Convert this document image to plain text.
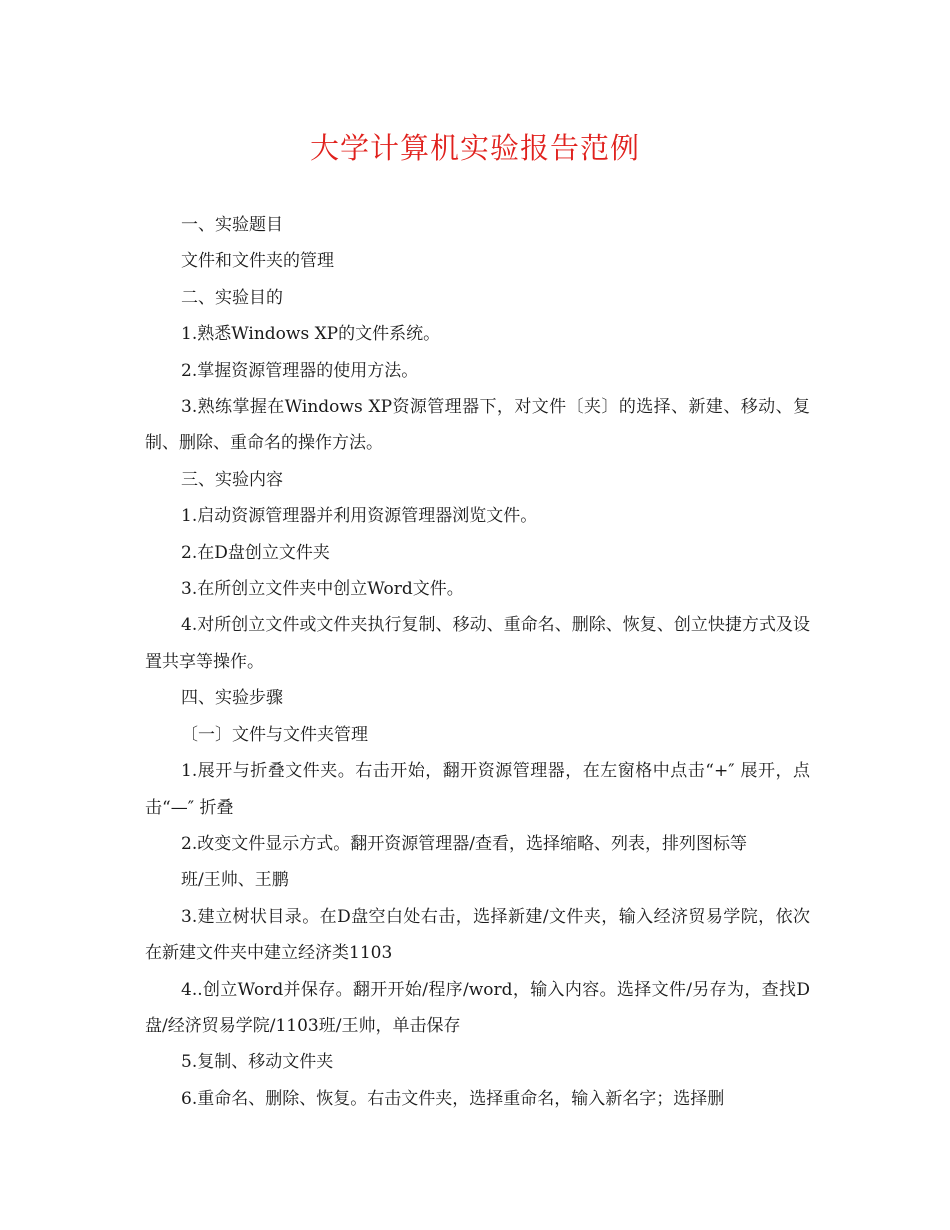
大学计算机实验报告范例

一、实验题目

文件和文件夹的管理

二、实验目的

1.熟悉Windows XP的文件系统。

2.掌握资源管理器的使用方法。

3.熟练掌握在Windows XP资源管理器下，对文件〔夹〕的选择、新建、移动、复制、删除、重命名的操作方法。

三、实验内容

1.启动资源管理器并利用资源管理器浏览文件。

2.在D盘创立文件夹

3.在所创立文件夹中创立Word文件。

4.对所创立文件或文件夹执行复制、移动、重命名、删除、恢复、创立快捷方式及设置共享等操作。

四、实验步骤

〔一〕文件与文件夹管理

1.展开与折叠文件夹。右击开始，翻开资源管理器，在左窗格中点击“+″ 展开，点击“—″ 折叠

2.改变文件显示方式。翻开资源管理器/查看，选择缩略、列表，排列图标等

班/王帅、王鹏

3.建立树状目录。在D盘空白处右击，选择新建/文件夹，输入经济贸易学院，依次在新建文件夹中建立经济类1103

4..创立Word并保存。翻开开始/程序/word，输入内容。选择文件/另存为，查找D盘/经济贸易学院/1103班/王帅，单击保存

5.复制、移动文件夹

6.重命名、删除、恢复。右击文件夹，选择重命名，输入新名字；选择删
